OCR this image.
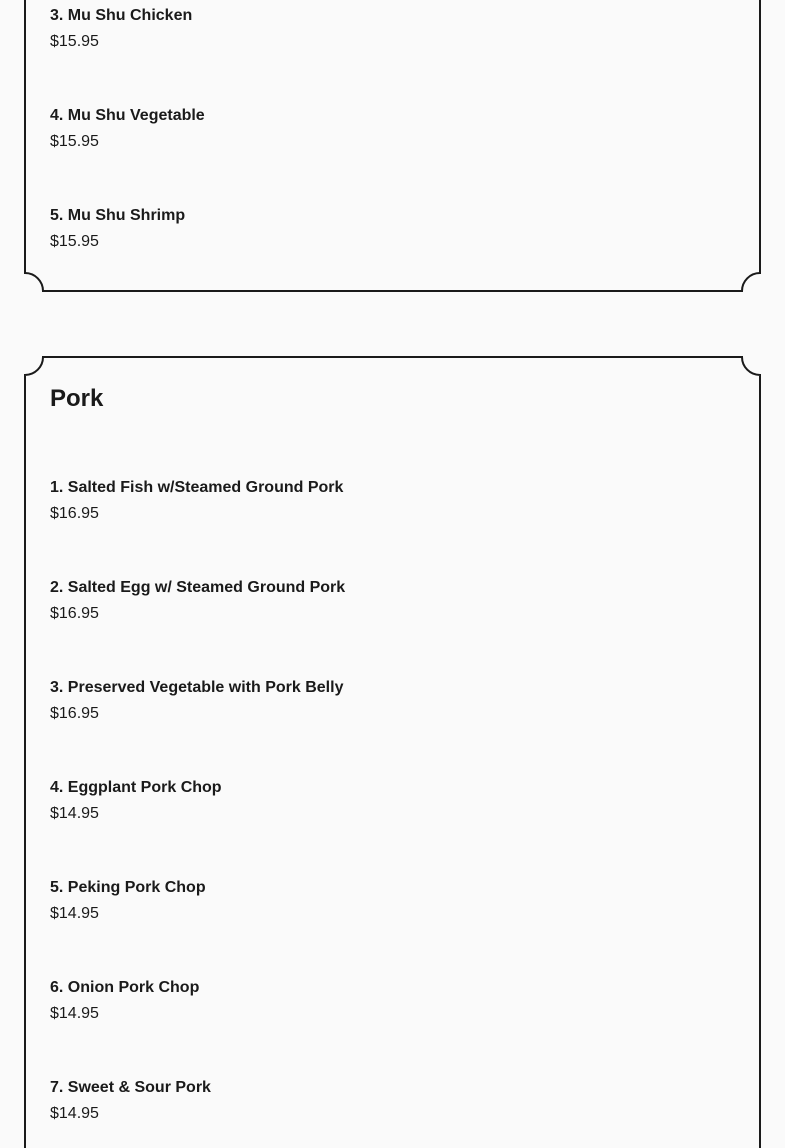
3. Mu Shu Chicken
$15.95
4. Mu Shu Vegetable
$15.95
5. Mu Shu Shrimp
$15.95
Pork
1. Salted Fish w/Steamed Ground Pork
$16.95
2. Salted Egg w/ Steamed Ground Pork
$16.95
3. Preserved Vegetable with Pork Belly
$16.95
4. Eggplant Pork Chop
$14.95
5. Peking Pork Chop
$14.95
6. Onion Pork Chop
$14.95
7. Sweet & Sour Pork
$14.95
